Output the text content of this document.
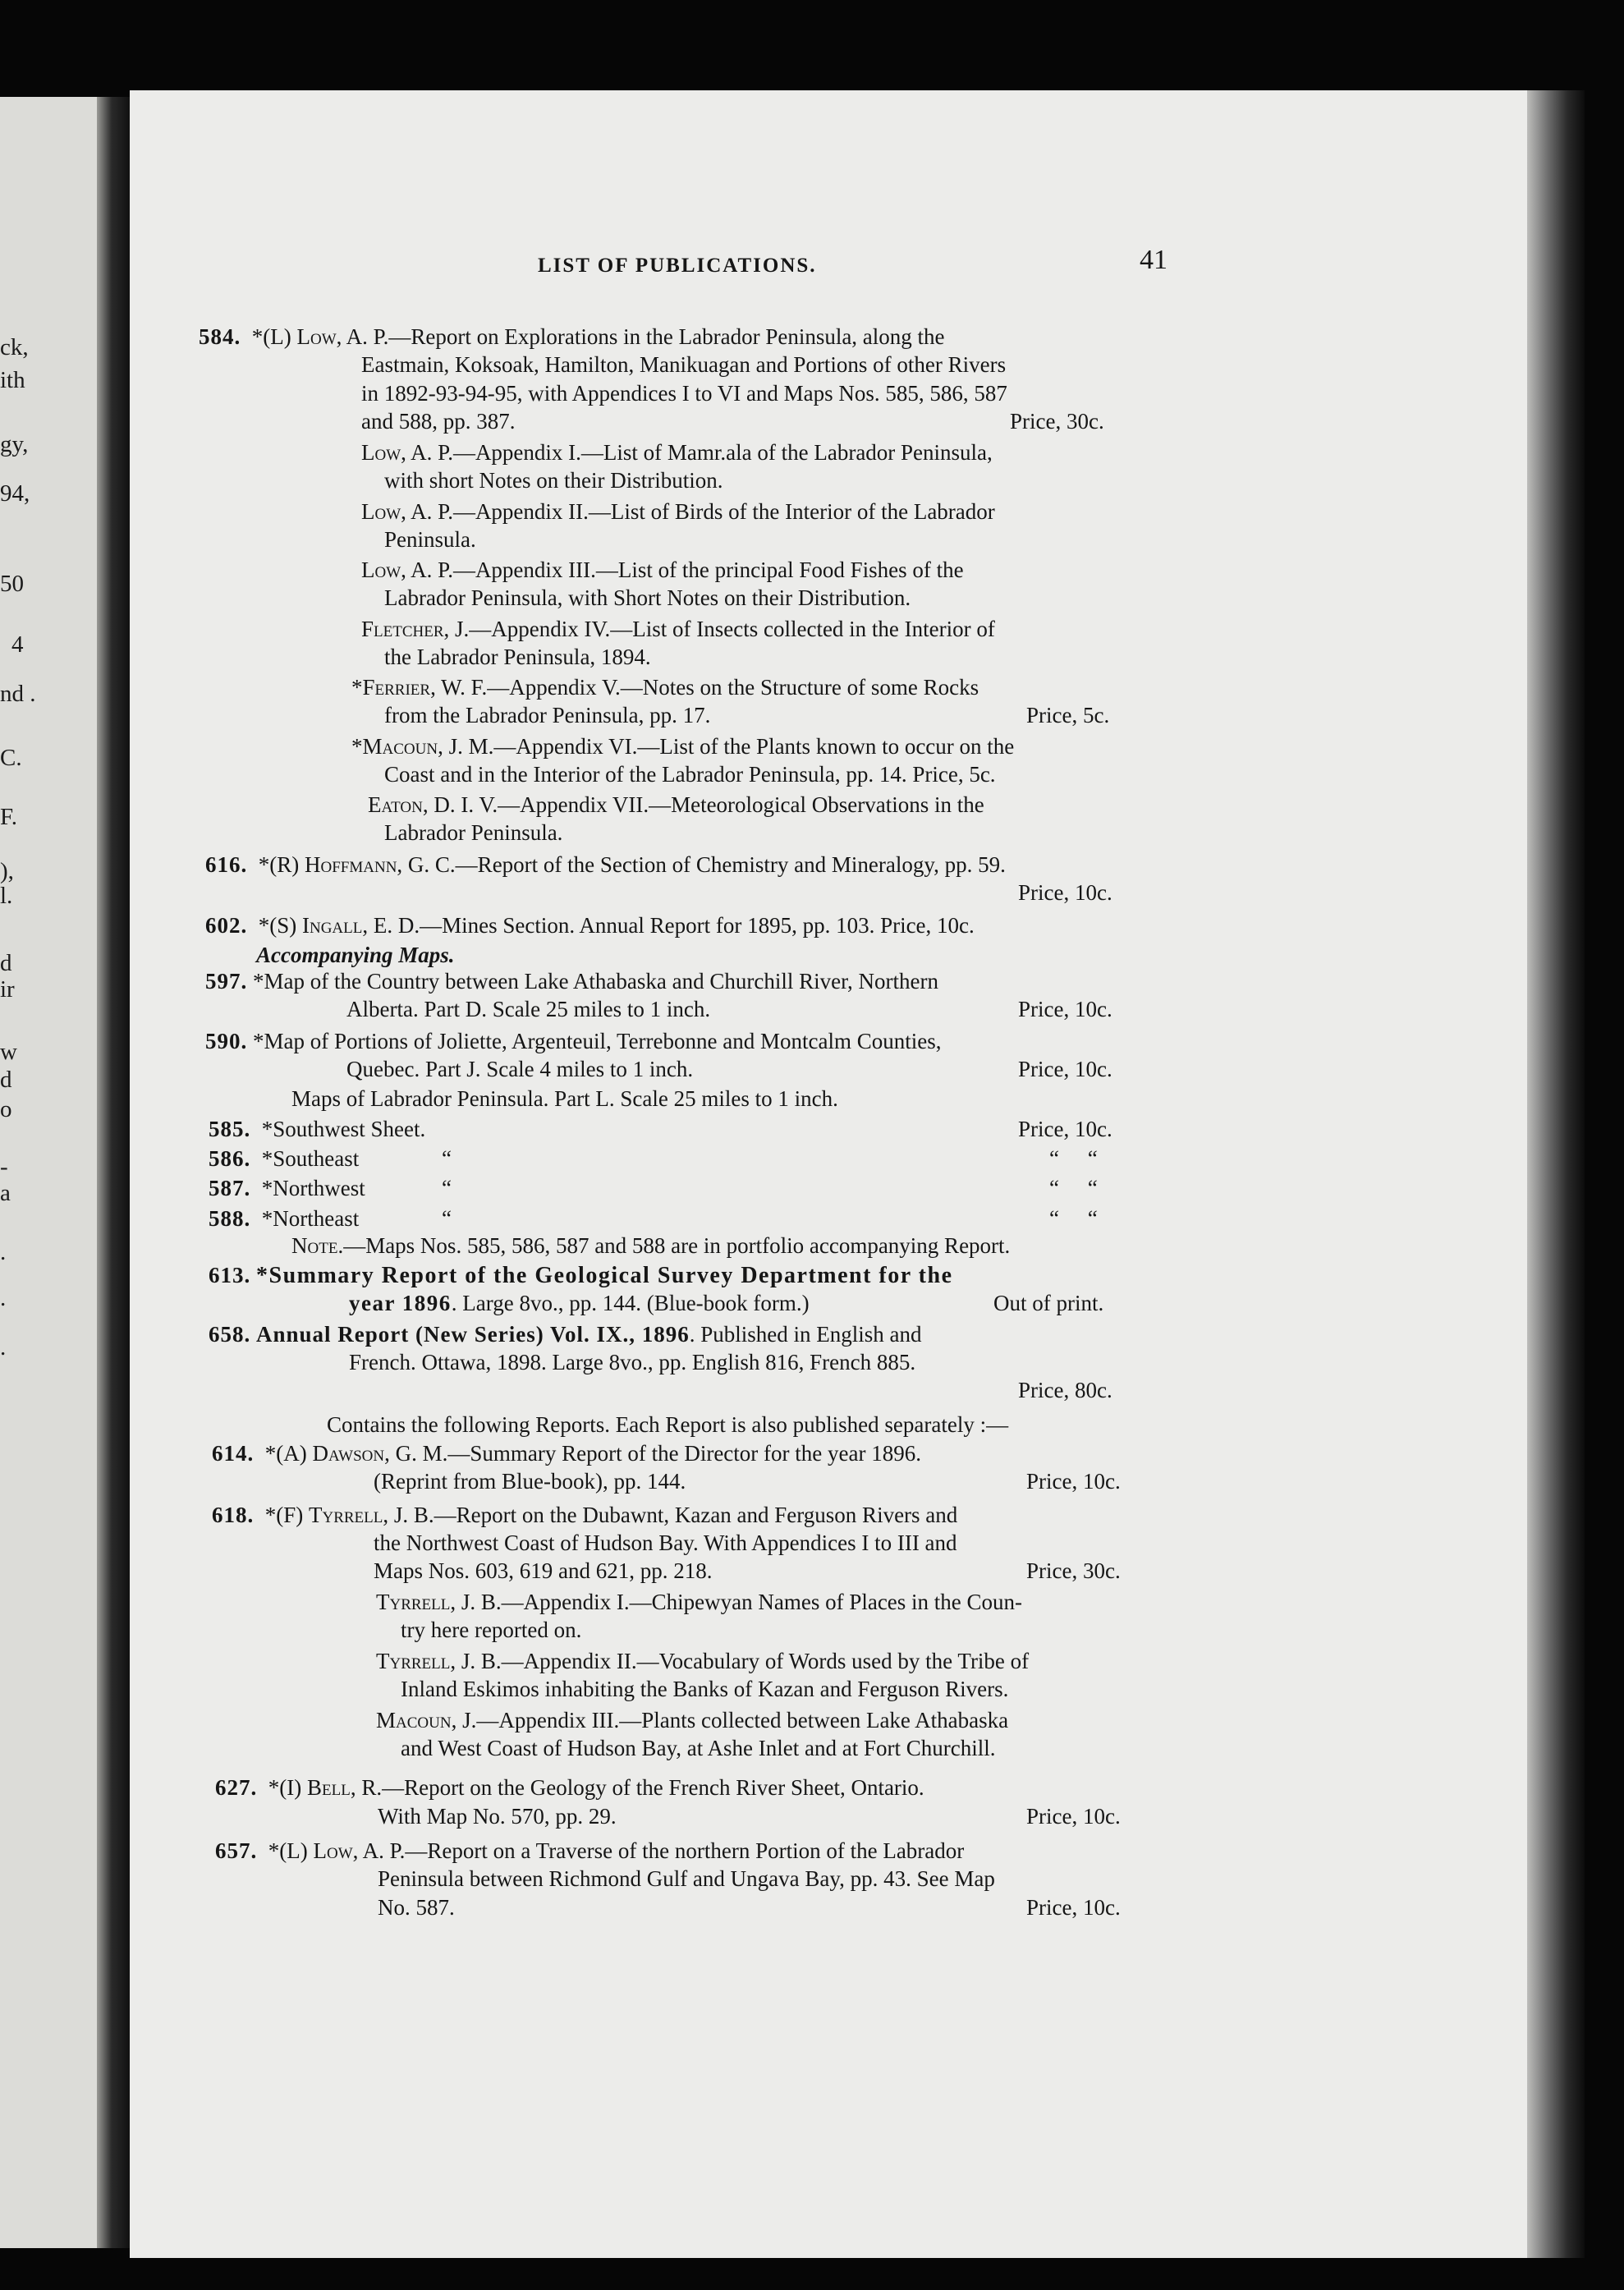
ck,
ith
gy,
94,
50
4
nd .
C.
F.
),
l.
d
ir
w
d
o
-
a
.
.
.
LIST OF PUBLICATIONS.	41
584. *(L) Low, A. P.—Report on Explorations in the Labrador Peninsula, along the
Eastmain, Koksoak, Hamilton, Manikuagan and Portions of other Rivers
in 1892-93-94-95, with Appendices I to VI and Maps Nos. 585, 586, 587
and 588, pp. 387.	Price, 30c.
Low, A. P.—Appendix I.—List of Mamr.ala of the Labrador Peninsula,
with short Notes on their Distribution.
Low, A. P.—Appendix II.—List of Birds of the Interior of the Labrador
Peninsula.
Low, A. P.—Appendix III.—List of the principal Food Fishes of the
Labrador Peninsula, with Short Notes on their Distribution.
Fletcher, J.—Appendix IV.—List of Insects collected in the Interior of
the Labrador Peninsula, 1894.
*Ferrier, W. F.—Appendix V.—Notes on the Structure of some Rocks
from the Labrador Peninsula, pp. 17.	Price, 5c.
*Macoun, J. M.—Appendix VI.—List of the Plants known to occur on the
Coast and in the Interior of the Labrador Peninsula, pp. 14. Price, 5c.
Eaton, D. I. V.—Appendix VII.—Meteorological Observations in the
Labrador Peninsula.
616. *(R) Hoffmann, G. C.—Report of the Section of Chemistry and Mineralogy, pp. 59.
Price, 10c.
602. *(S) Ingall, E. D.—Mines Section. Annual Report for 1895, pp. 103. Price, 10c.
Accompanying Maps.
597. *Map of the Country between Lake Athabaska and Churchill River, Northern
Alberta. Part D. Scale 25 miles to 1 inch.	Price, 10c.
590. *Map of Portions of Joliette, Argenteuil, Terrebonne and Montcalm Counties,
Quebec. Part J. Scale 4 miles to 1 inch.	Price, 10c.
Maps of Labrador Peninsula. Part L. Scale 25 miles to 1 inch.
585. *Southwest Sheet.	Price, 10c.
586. *Southeast	“	“ “
587. *Northwest	“	“ “
588. *Northeast	“	“ “
Note.—Maps Nos. 585, 586, 587 and 588 are in portfolio accompanying Report.
613. *Summary Report of the Geological Survey Department for the
year 1896. Large 8vo., pp. 144. (Blue-book form.)	Out of print.
658. Annual Report (New Series) Vol. IX., 1896. Published in English and
French. Ottawa, 1898. Large 8vo., pp. English 816, French 885.
Price, 80c.
Contains the following Reports. Each Report is also published separately :—
614. *(A) Dawson, G. M.—Summary Report of the Director for the year 1896.
(Reprint from Blue-book), pp. 144.	Price, 10c.
618. *(F) Tyrrell, J. B.—Report on the Dubawnt, Kazan and Ferguson Rivers and
the Northwest Coast of Hudson Bay. With Appendices I to III and
Maps Nos. 603, 619 and 621, pp. 218.	Price, 30c.
Tyrrell, J. B.—Appendix I.—Chipewyan Names of Places in the Coun-
try here reported on.
Tyrrell, J. B.—Appendix II.—Vocabulary of Words used by the Tribe of
Inland Eskimos inhabiting the Banks of Kazan and Ferguson Rivers.
Macoun, J.—Appendix III.—Plants collected between Lake Athabaska
and West Coast of Hudson Bay, at Ashe Inlet and at Fort Churchill.
627. *(I) Bell, R.—Report on the Geology of the French River Sheet, Ontario.
With Map No. 570, pp. 29.	Price, 10c.
657. *(L) Low, A. P.—Report on a Traverse of the northern Portion of the Labrador
Peninsula between Richmond Gulf and Ungava Bay, pp. 43. See Map
No. 587.	Price, 10c.
